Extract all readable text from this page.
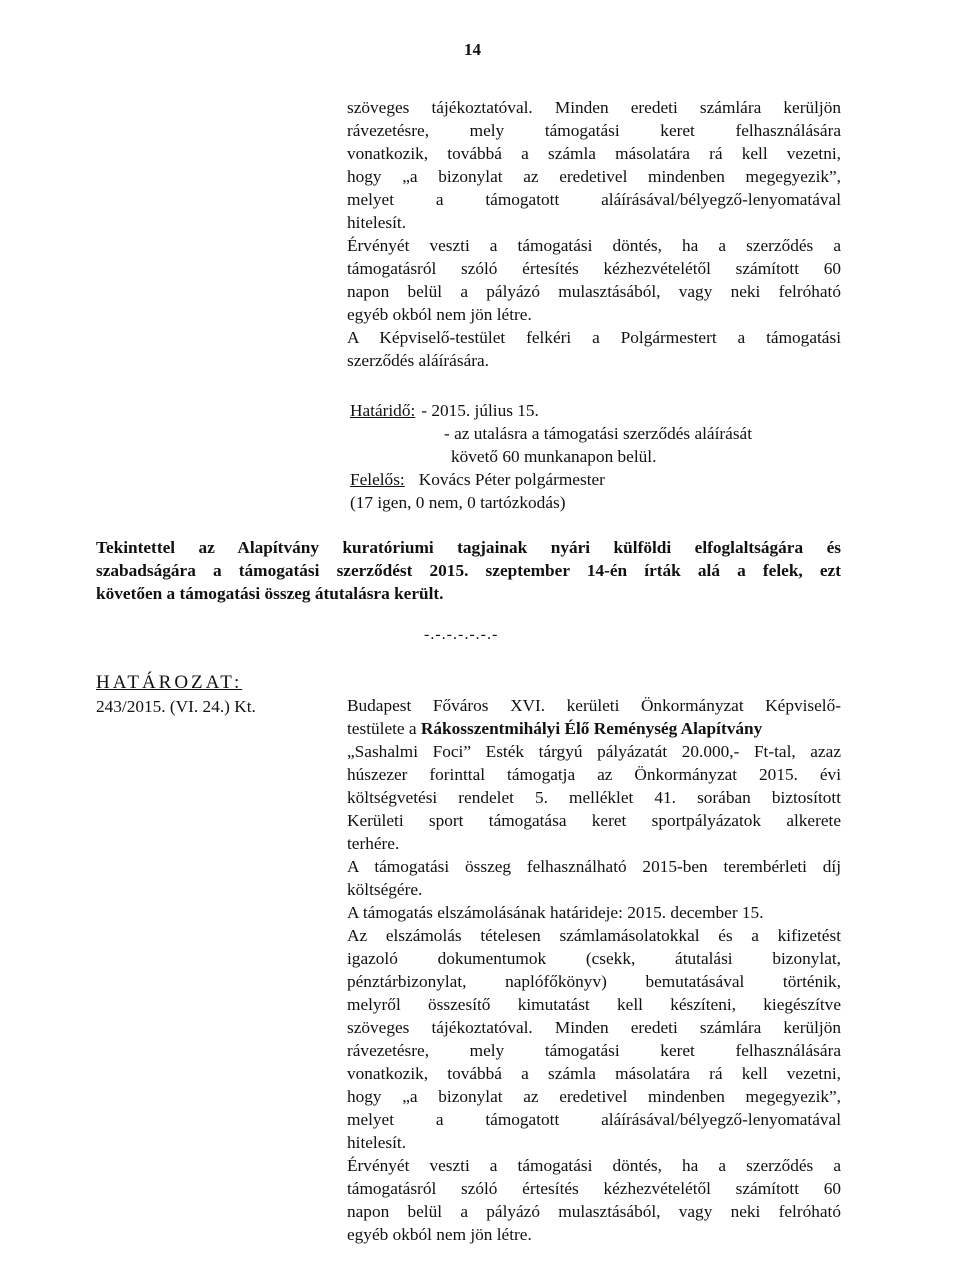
14

szöveges tájékoztatóval. Minden eredeti számlára kerüljön

rávezetésre, mely támogatási keret felhasználására

vonatkozik, továbbá a számla másolatára rá kell vezetni,

hogy „a bizonylat az eredetivel mindenben megegyezik”,

melyet a támogatott aláírásával/bélyegző-lenyomatával

hitelesít.

Érvényét veszti a támogatási döntés, ha a szerződés a

támogatásról szóló értesítés kézhezvételétől számított 60

napon belül a pályázó mulasztásából, vagy neki felróható

egyéb okból nem jön létre.

A Képviselő-testület felkéri a Polgármestert a támogatási

szerződés aláírására.

Határidő: - 2015. július 15.
- az utalásra a támogatási szerződés aláírását
követő 60 munkanapon belül.
Felelős: Kovács Péter polgármester
(17 igen, 0 nem, 0 tartózkodás)
Tekintettel az Alapítvány kuratóriumi tagjainak nyári külföldi elfoglaltságára és
szabadságára a támogatási szerződést 2015. szeptember 14-én írták alá a felek, ezt
követően a támogatási összeg átutalásra került.
-.-.-.-.-.-.-
HATÁROZAT:
243/2015. (VI. 24.) Kt.	Budapest Főváros XVI. kerületi Önkormányzat Képviselő-

testülete a Rákosszentmihályi Élő Reménység Alapítvány

„Sashalmi Foci” Esték tárgyú pályázatát 20.000,- Ft-tal, azaz

húszezer forinttal támogatja az Önkormányzat 2015. évi

költségvetési rendelet 5. melléklet 41. sorában biztosított

Kerületi sport támogatása keret sportpályázatok alkerete

terhére.

A támogatási összeg felhasználható 2015-ben terembérleti díj

költségére.

A támogatás elszámolásának határideje: 2015. december 15.

Az elszámolás tételesen számlamásolatokkal és a kifizetést

igazoló dokumentumok (csekk, átutalási bizonylat,

pénztárbizonylat, naplófőkönyv) bemutatásával történik,

melyről összesítő kimutatást kell készíteni, kiegészítve

szöveges tájékoztatóval. Minden eredeti számlára kerüljön

rávezetésre, mely támogatási keret felhasználására

vonatkozik, továbbá a számla másolatára rá kell vezetni,

hogy „a bizonylat az eredetivel mindenben megegyezik”,

melyet a támogatott aláírásával/bélyegző-lenyomatával

hitelesít.

Érvényét veszti a támogatási döntés, ha a szerződés a

támogatásról szóló értesítés kézhezvételétől számított 60

napon belül a pályázó mulasztásából, vagy neki felróható

egyéb okból nem jön létre.
